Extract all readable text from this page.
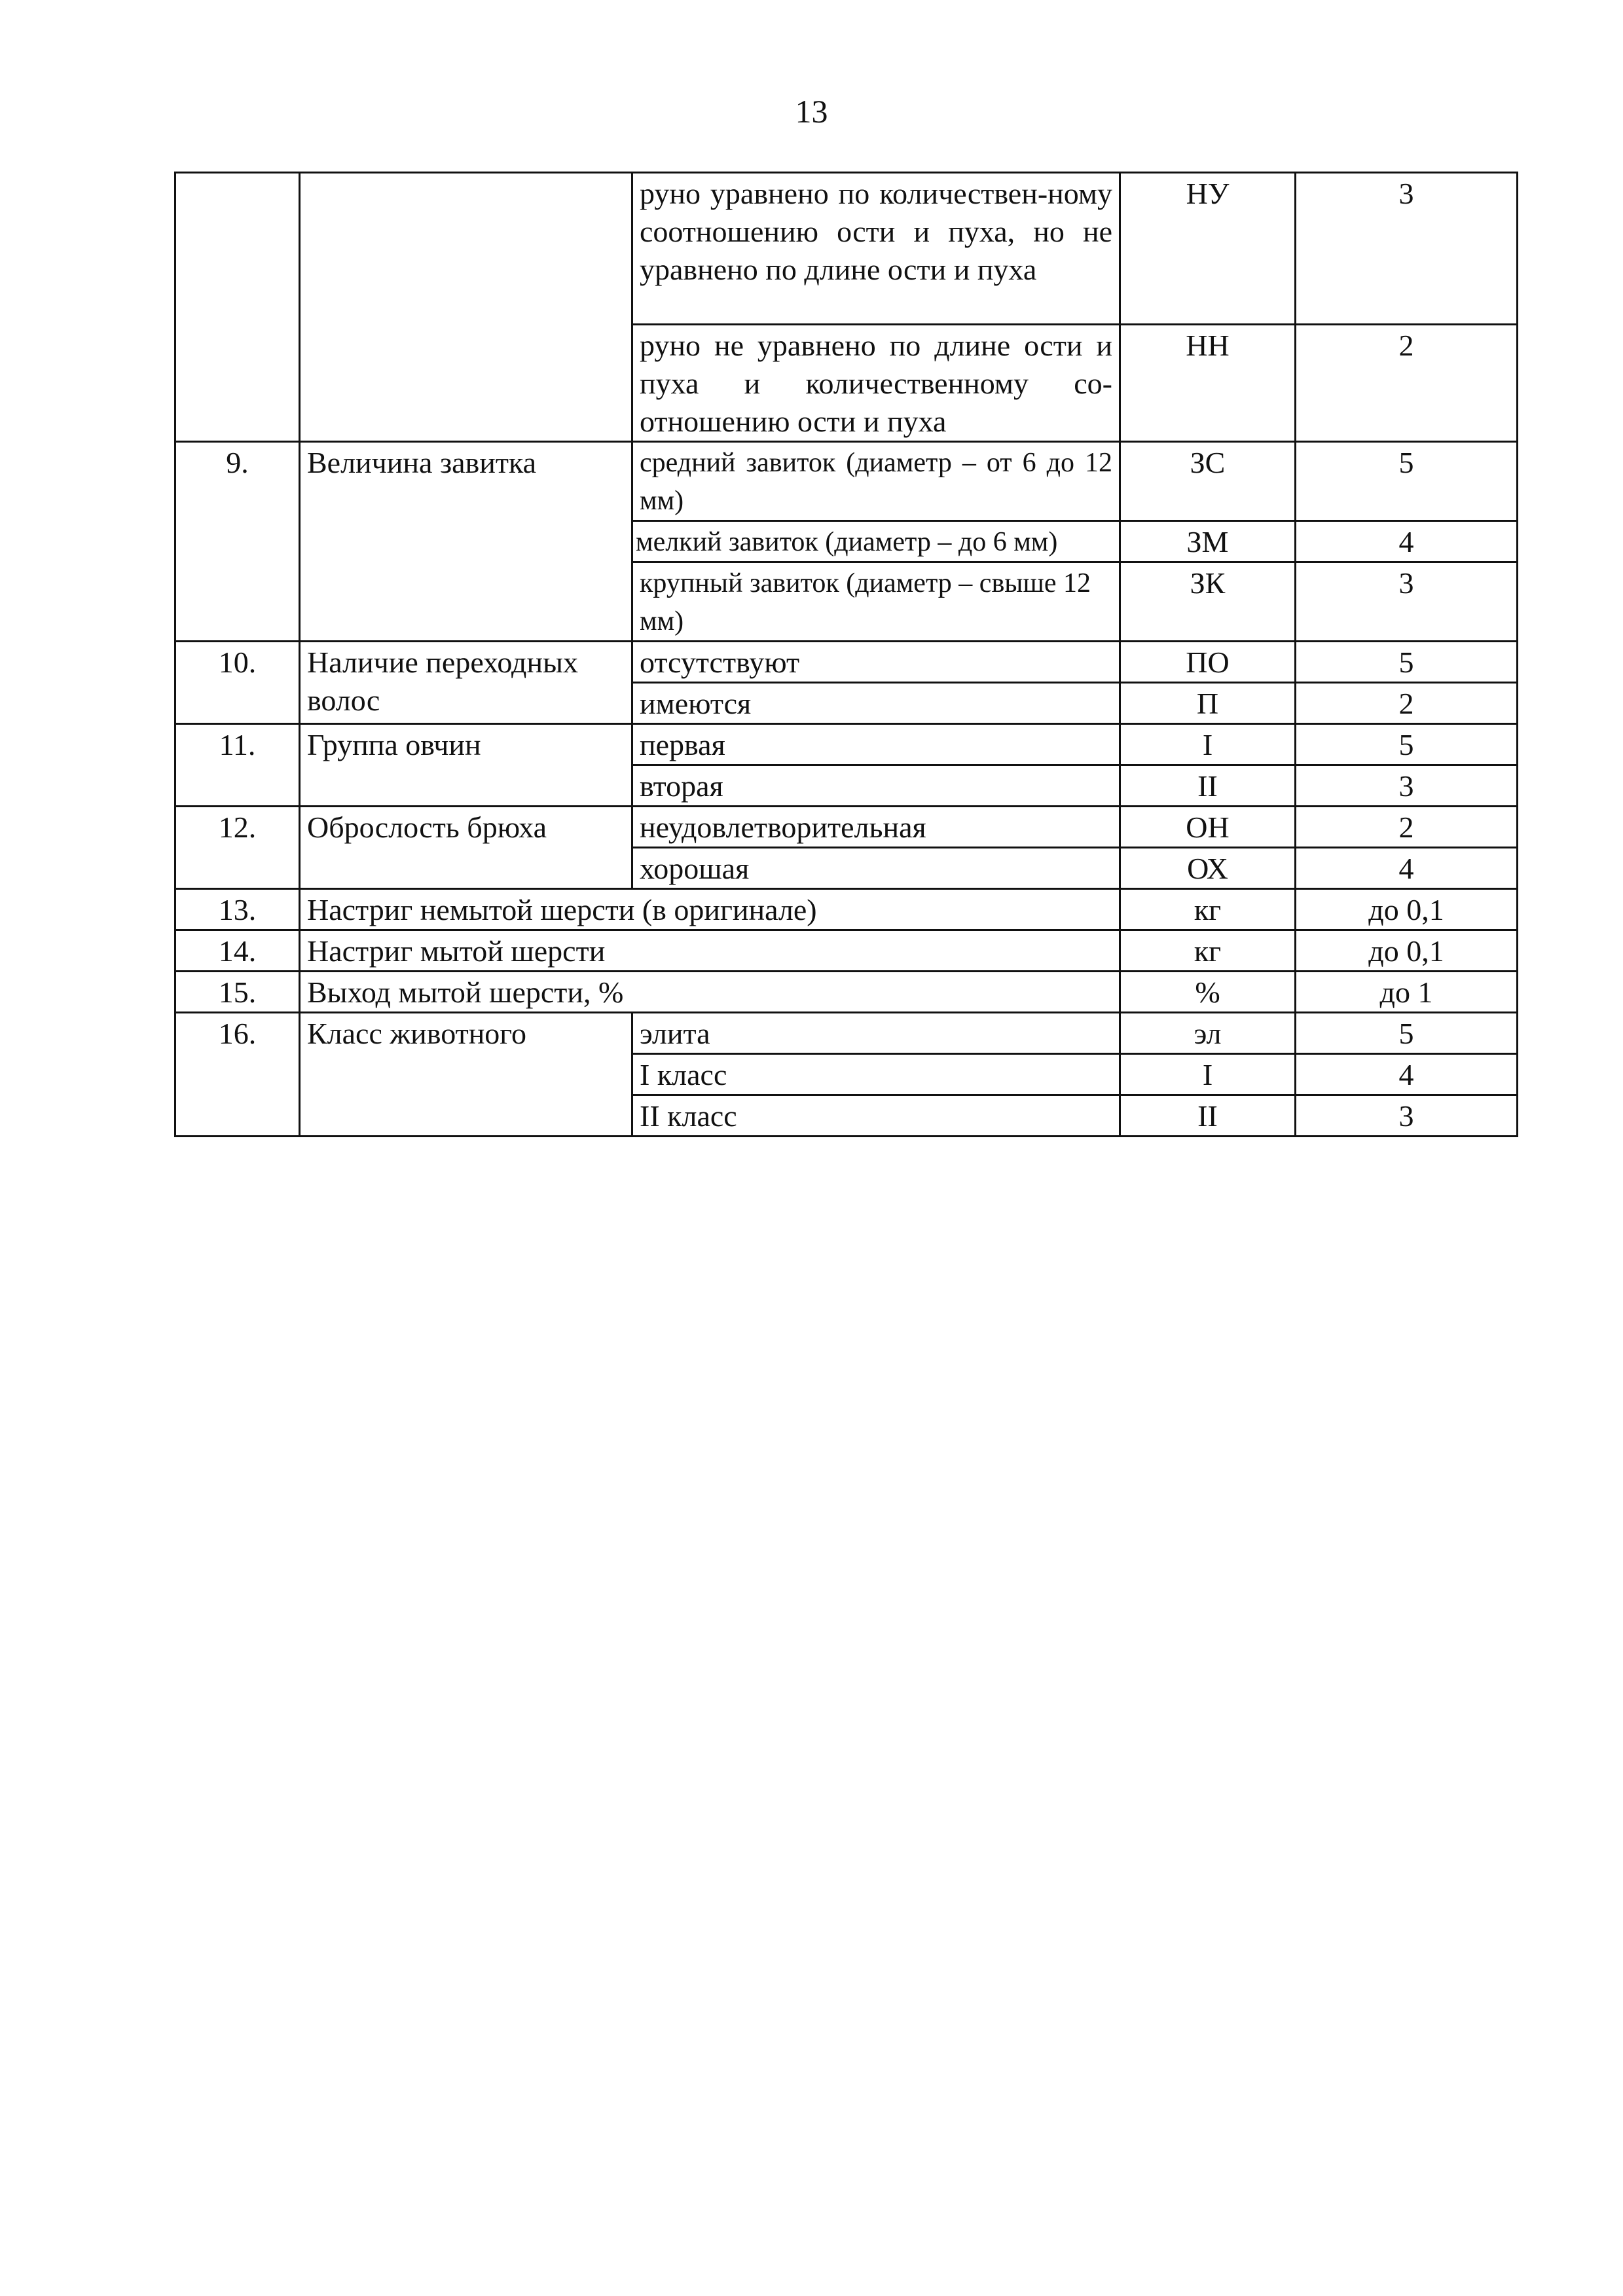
13
		руно уравнено по количествен-ному соотношению ости и пуха, но не уравнено по длине ости и пуха	НУ	3
		руно не уравнено по длине ости и пуха и количественному со-отношению ости и пуха	НН	2
9.	Величина завитка	средний завиток (диаметр – от 6 до 12 мм)	ЗС	5
		мелкий завиток (диаметр – до 6 мм)	ЗМ	4
		крупный завиток (диаметр – свыше 12 мм)	ЗК	3
10.	Наличие переходных волос	отсутствуют	ПО	5
		имеются	П	2
11.	Группа овчин	первая	I	5
		вторая	II	3
12.	Оброслость брюха	неудовлетворительная	ОН	2
		хорошая	ОХ	4
13.	Настриг немытой шерсти (в оригинале)		кг	до 0,1
14.	Настриг мытой шерсти		кг	до 0,1
15.	Выход мытой шерсти, %		%	до 1
16.	Класс животного	элита	эл	5
		I класс	I	4
		II класс	II	3
